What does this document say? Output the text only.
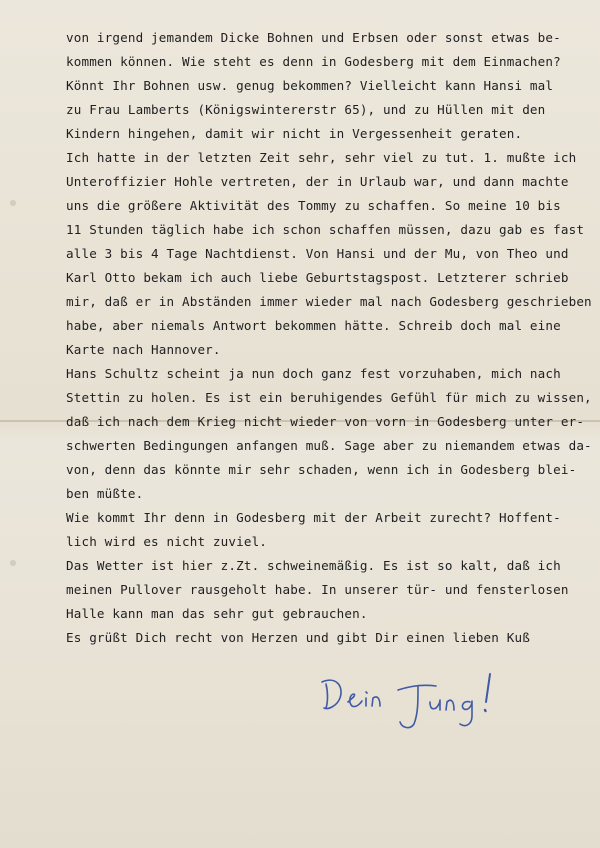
von irgend jemandem Dicke Bohnen und Erbsen oder sonst etwas be-
kommen können. Wie steht es denn in Godesberg mit dem Einmachen?
Könnt Ihr Bohnen usw. genug bekommen? Vielleicht kann Hansi mal
zu Frau Lamberts (Königswintererstr 65), und zu Hüllen mit den
Kindern hingehen, damit wir nicht in Vergessenheit geraten.
Ich hatte in der letzten Zeit sehr, sehr viel zu tut. 1. mußte ich
Unteroffizier Hohle vertreten, der in Urlaub war, und dann machte
uns die größere Aktivität des Tommy zu schaffen. So meine 10 bis
11 Stunden täglich habe ich schon schaffen müssen, dazu gab es fast
alle 3 bis 4 Tage Nachtdienst. Von Hansi und der Mu, von Theo und
Karl Otto bekam ich auch liebe Geburtstagspost. Letzterer schrieb
mir, daß er in Abständen immer wieder mal nach Godesberg geschrieben
habe, aber niemals Antwort bekommen hätte. Schreib doch mal eine
Karte nach Hannover.
Hans Schultz scheint ja nun doch ganz fest vorzuhaben, mich nach
Stettin zu holen. Es ist ein beruhigendes Gefühl für mich zu wissen,
daß ich nach dem Krieg nicht wieder von vorn in Godesberg unter er-
schwerten Bedingungen anfangen muß. Sage aber zu niemandem etwas da-
von, denn das könnte mir sehr schaden, wenn ich in Godesberg blei-
ben müßte.
Wie kommt Ihr denn in Godesberg mit der Arbeit zurecht? Hoffent-
lich wird es nicht zuviel.
Das Wetter ist hier z.Zt. schweinemäßig. Es ist so kalt, daß ich
meinen Pullover rausgeholt habe. In unserer tür- und fensterlosen
Halle kann man das sehr gut gebrauchen.
Es grüßt Dich recht von Herzen und gibt Dir einen lieben Kuß
